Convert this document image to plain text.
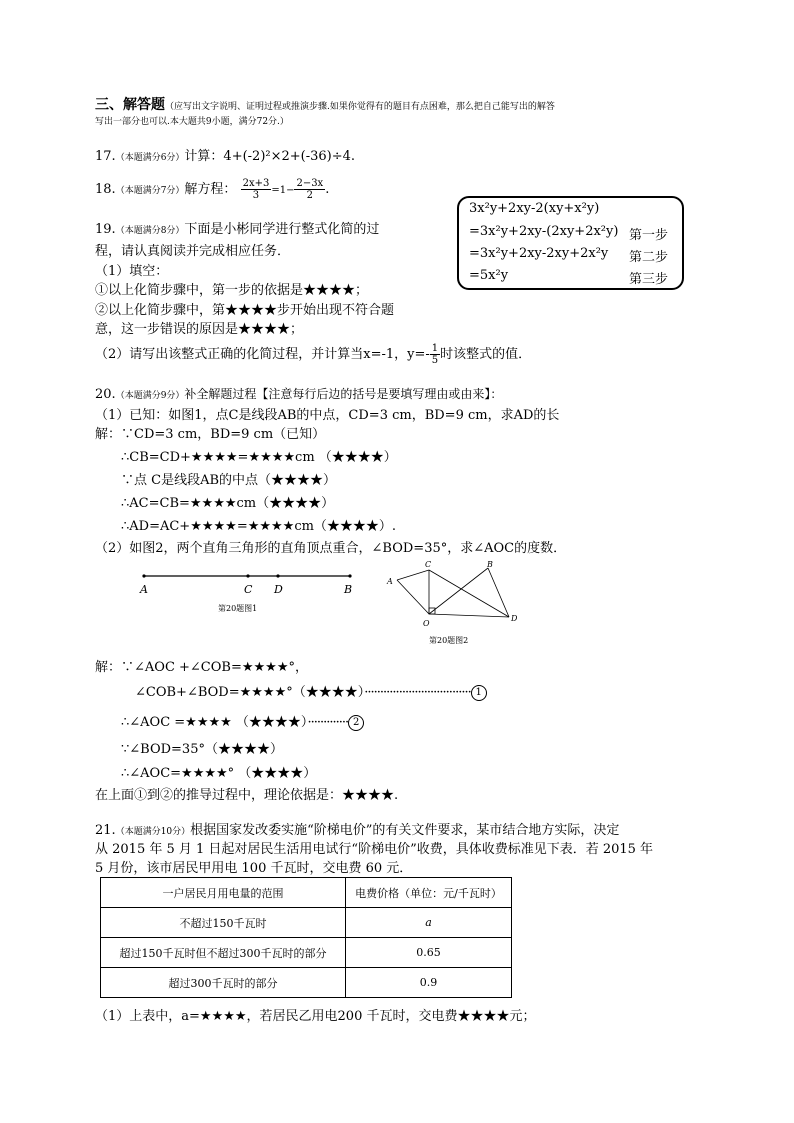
三、解答题（应写出文字说明、证明过程或推演步骤.如果你觉得有的题目有点困难，那么把自己能写出的解答
写出一部分也可以.本大题共9小题，满分72分.）
17.（本题满分6分）计算：4+(-2)²×2+(-36)÷4.
18.（本题满分7分）解方程： $\frac{2x+3}{3} =1- \frac{2-3x}{2}$ .
3x²y+2xy-2(xy+x²y)
=3x²y+2xy-(2xy+2x²y) 第一步
=3x²y+2xy-2xy+2x²y 第二步
=5x²y	第三步
19.（本题满分8分）下面是小彬同学进行整式化简的过
程，请认真阅读并完成相应任务．
（1）填空：
①以上化简步骤中，第一步的依据是★★★★；
②以上化简步骤中，第★★★★步开始出现不符合题
意，这一步错误的原因是★★★★；
（2）请写出该整式正确的化简过程，并计算当x=-1，$y=- \frac{1}{5}$ 时该整式的值．
20.（本题满分9分）补全解题过程【注意每行后边的括号是要填写理由或由来】：
（1）已知：如图1，点C是线段AB的中点，CD=3 cm，BD=9 cm，求AD的长
解：∵CD=3 cm，BD=9 cm（已知）
∴CB=CD+★★★★=★★★★cm （★★★★）
∵点 C是线段AB的中点（★★★★）
∴AC=CB=★★★★cm（★★★★）
∴AD=AC+★★★★=★★★★cm（★★★★）.
（2）如图2，两个直角三角形的直角顶点重合，∠BOD=35°，求∠AOC的度数．
A	C D	B
第20题图1
A
C	B
O
D
第20题图2
解：∵∠AOC +∠COB=★★★★°，
∠COB+∠BOD=★★★★°（★★★★）·································· 1
∴∠AOC =★★★★ （★★★★）············· 2
∵∠BOD=35°（★★★★）
∴∠AOC=★★★★° （★★★★）
在上面①到②的推导过程中，理论依据是：★★★★.
21.（本题满分10分）根据国家发改委实施“阶梯电价”的有关文件要求，某市结合地方实际，决定
从 2015 年 5 月 1 日起对居民生活用电试行“阶梯电价”收费，具体收费标准见下表．若 2015 年
5 月份，该市居民甲用电 100 千瓦时，交电费 60 元．
一户居民月用电量的范围	电费价格（单位：元/千瓦时）
不超过150千瓦时	a
超过150千瓦时但不超过300千瓦时的部分	0.65
超过300千瓦时的部分	0.9
（1）上表中，a=★★★★，若居民乙用电200 千瓦时，交电费★★★★元；
